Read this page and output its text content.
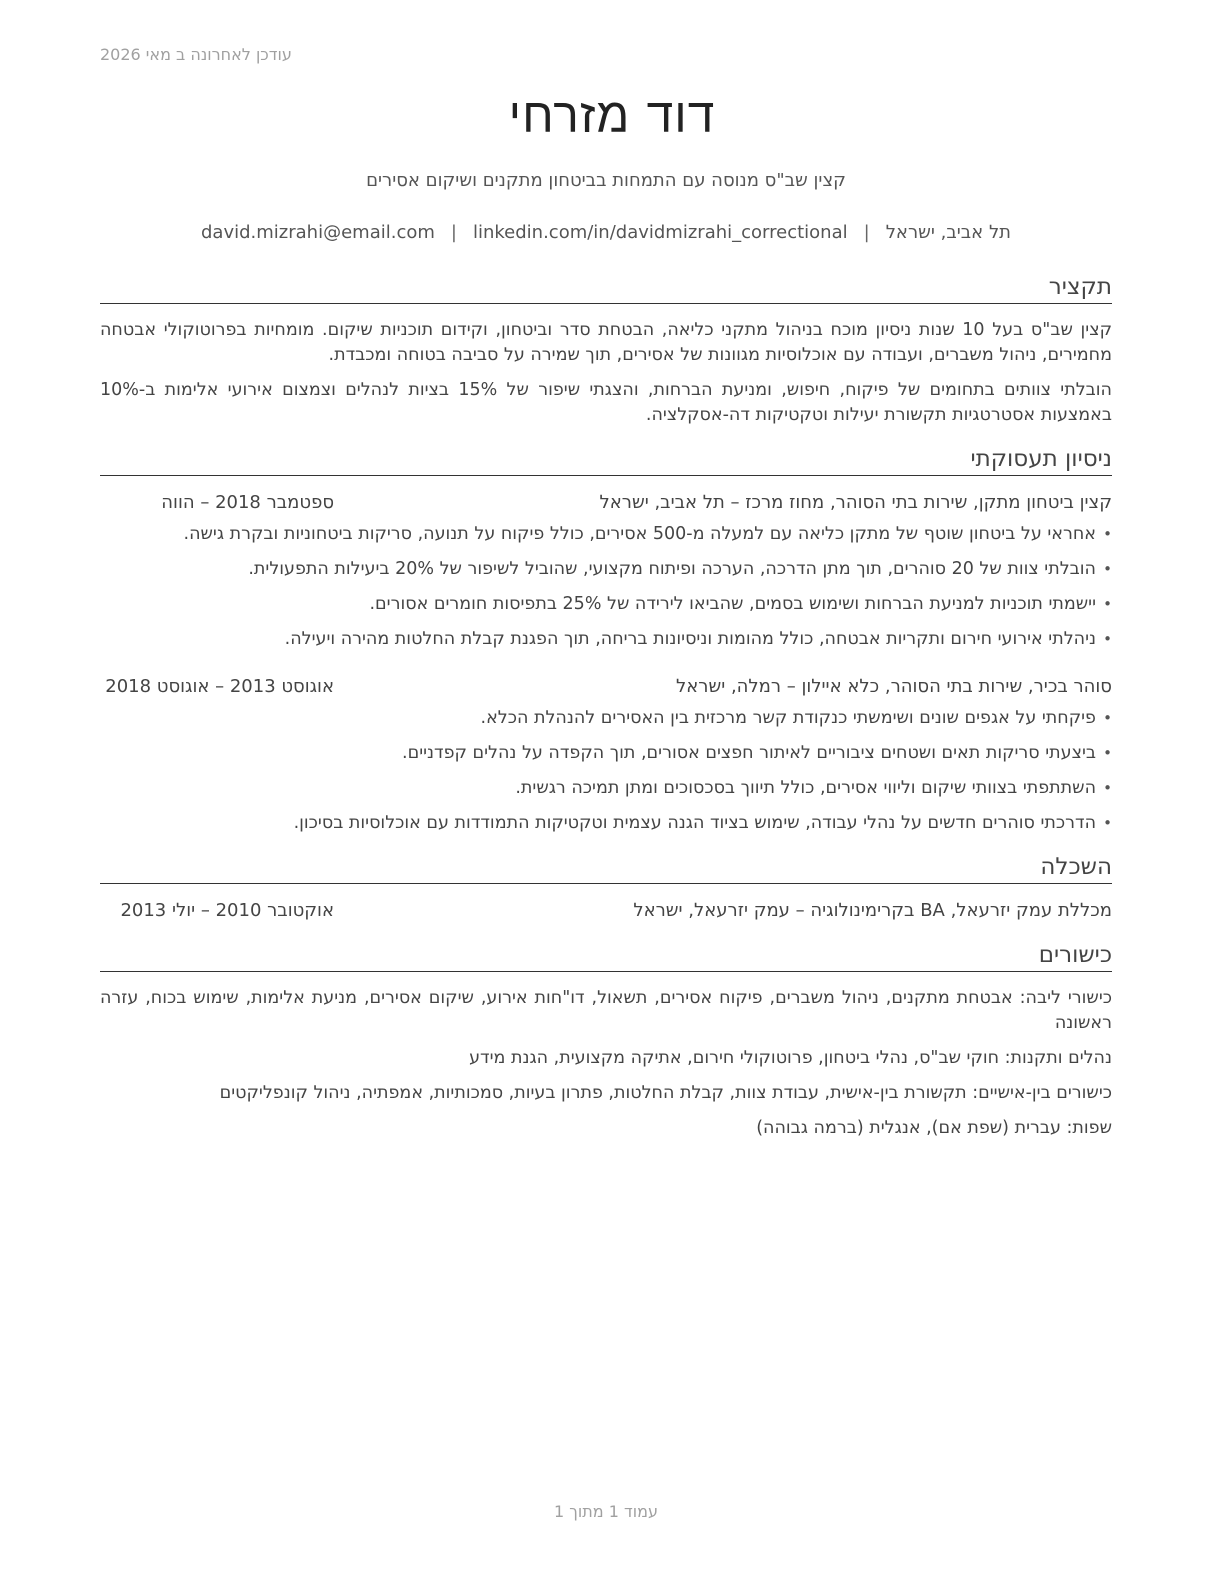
עודכן לאחרונה ב מאי 2026
דוד מזרחי
קצין שב"ס מנוסה עם התמחות בביטחון מתקנים ושיקום אסירים
תל אביב, ישראל|david.mizrahi@email.com | linkedin.com/in/davidmizrahi_correctional
תקציר

קצין שב"ס בעל 10 שנות ניסיון מוכח בניהול מתקני כליאה, הבטחת סדר וביטחון, וקידום תוכניות שיקום. מומחיות בפרוטוקולי אבטחה מחמירים, ניהול משברים, ועבודה עם אוכלוסיות מגוונות של אסירים, תוך שמירה על סביבה בטוחה ומכבדת.

הובלתי צוותים בתחומים של פיקוח, חיפוש, ומניעת הברחות, והצגתי שיפור של 15% בציות לנהלים וצמצום אירועי אלימות ב-10% באמצעות אסטרטגיות תקשורת יעילות וטקטיקות דה-אסקלציה.

ניסיון תעסוקתי
קצין ביטחון מתקן, שירות בתי הסוהר, מחוז מרכז – תל אביב, ישראל
ספטמבר 2018 – הווה
• אחראי על ביטחון שוטף של מתקן כליאה עם למעלה מ-500 אסירים, כולל פיקוח על תנועה, סריקות ביטחוניות ובקרת גישה.
• הובלתי צוות של 20 סוהרים, תוך מתן הדרכה, הערכה ופיתוח מקצועי, שהוביל לשיפור של 20% ביעילות התפעולית.
• יישמתי תוכניות למניעת הברחות ושימוש בסמים, שהביאו לירידה של 25% בתפיסות חומרים אסורים.
• ניהלתי אירועי חירום ותקריות אבטחה, כולל מהומות וניסיונות בריחה, תוך הפגנת קבלת החלטות מהירה ויעילה.
סוהר בכיר, שירות בתי הסוהר, כלא איילון – רמלה, ישראל
אוגוסט 2013 – אוגוסט 2018
• פיקחתי על אגפים שונים ושימשתי כנקודת קשר מרכזית בין האסירים להנהלת הכלא.
• ביצעתי סריקות תאים ושטחים ציבוריים לאיתור חפצים אסורים, תוך הקפדה על נהלים קפדניים.
• השתתפתי בצוותי שיקום וליווי אסירים, כולל תיווך בסכסוכים ומתן תמיכה רגשית.
• הדרכתי סוהרים חדשים על נהלי עבודה, שימוש בציוד הגנה עצמית וטקטיקות התמודדות עם אוכלוסיות בסיכון.
השכלה
מכללת עמק יזרעאל, BA בקרימינולוגיה – עמק יזרעאל, ישראל
אוקטובר 2010 – יולי 2013
כישורים

כישורי ליבה: אבטחת מתקנים, ניהול משברים, פיקוח אסירים, תשאול, דו"חות אירוע, שיקום אסירים, מניעת אלימות, שימוש בכוח, עזרה ראשונה

נהלים ותקנות: חוקי שב"ס, נהלי ביטחון, פרוטוקולי חירום, אתיקה מקצועית, הגנת מידע

כישורים בין-אישיים: תקשורת בין-אישית, עבודת צוות, קבלת החלטות, פתרון בעיות, סמכותיות, אמפתיה, ניהול קונפליקטים

שפות: עברית (שפת אם), אנגלית (ברמה גבוהה)

עמוד 1 מתוך 1
